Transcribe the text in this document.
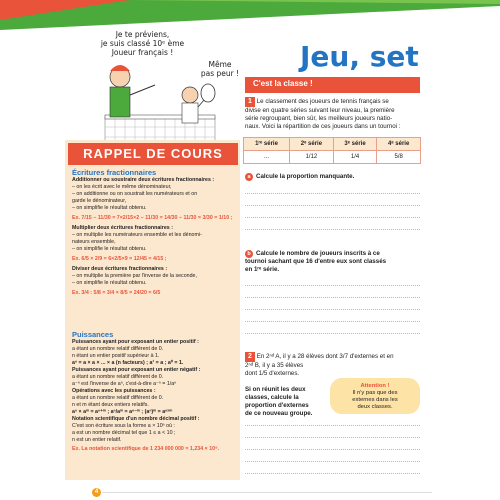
Je te préviens,
je suis classé 10ᵉ ème
Joueur français !
Même
pas peur !
Jeu, set
RAPPEL DE COURS
Écritures fractionnaires
Additionner ou soustraire deux écritures fractionnaires :
– on les écrit avec le même dénominateur,
– on additionne ou on soustrait les numérateurs et on
garde le dénominateur,
– on simplifie le résultat obtenu.
Ex. 7/15 − 11/30 = 7×2/15×2 − 11/30 = 14/30 − 11/30 = 3/30 = 1/10 ;
Multiplier deux écritures fractionnaires :
– on multiplie les numérateurs ensemble et les dénomi-
nateurs ensemble,
– on simplifie le résultat obtenu.
Ex. 6/5 × 2/9 = 6×2/5×9 = 12/45 = 4/15 ;
Diviser deux écritures fractionnaires :
– on multiplie la première par l'inverse de la seconde,
– on simplifie le résultat obtenu.
Ex. 3/4 : 5/8 = 3/4 × 8/5 = 24/20 = 6/5
Puissances
Puissances ayant pour exposant un entier positif :
a étant un nombre relatif différent de 0.
n étant un entier positif supérieur à 1.
aⁿ = a × a × ... × a (n facteurs) ; a¹ = a ; a⁰ = 1.
Puissances ayant pour exposant un entier négatif :
a étant un nombre relatif différent de 0.
a⁻ⁿ est l'inverse de aⁿ, c'est-à-dire a⁻ⁿ = 1/aⁿ
Opérations avec les puissances :
a étant un nombre relatif différent de 0.
n et m étant deux entiers relatifs.
aⁿ × aᵐ = aⁿ⁺ᵐ ; aⁿ/aᵐ = aⁿ⁻ᵐ ; (aⁿ)ᵐ = aⁿˣᵐ
Notation scientifique d'un nombre décimal positif :
C'est son écriture sous la forme a × 10ⁿ où :
a est un nombre décimal tel que 1 ≤ a < 10 ;
n est un entier relatif.
Ex. La notation scientifique de 1 234 000 000 = 1,234 × 10⁹.
C'est la classe !
1 Le classement des joueurs de tennis français se
divise en quatre séries suivant leur niveau, la première
série regroupant, bien sûr, les meilleurs joueurs natio-
naux. Voici la répartition de ces joueurs dans un tournoi :
1ʳᵉ série	2ᵉ série	3ᵉ série	4ᵉ série
...	1/12	1/4	5/8
a Calcule la proportion manquante.
b Calcule le nombre de joueurs inscrits à ce
tournoi sachant que 16 d'entre eux sont classés
en 1ʳᵉ série.
2 En 2ⁿᵈ A, il y a 28 élèves dont 3/7 d'externes et en
2ⁿᵈ B, il y a 35 élèves
dont 1/5 d'externes.
Si on réunit les deux
classes, calcule la
proportion d'externes
de ce nouveau groupe.
Attention !
Il n'y pas que des
externes dans les
deux classes.
4
